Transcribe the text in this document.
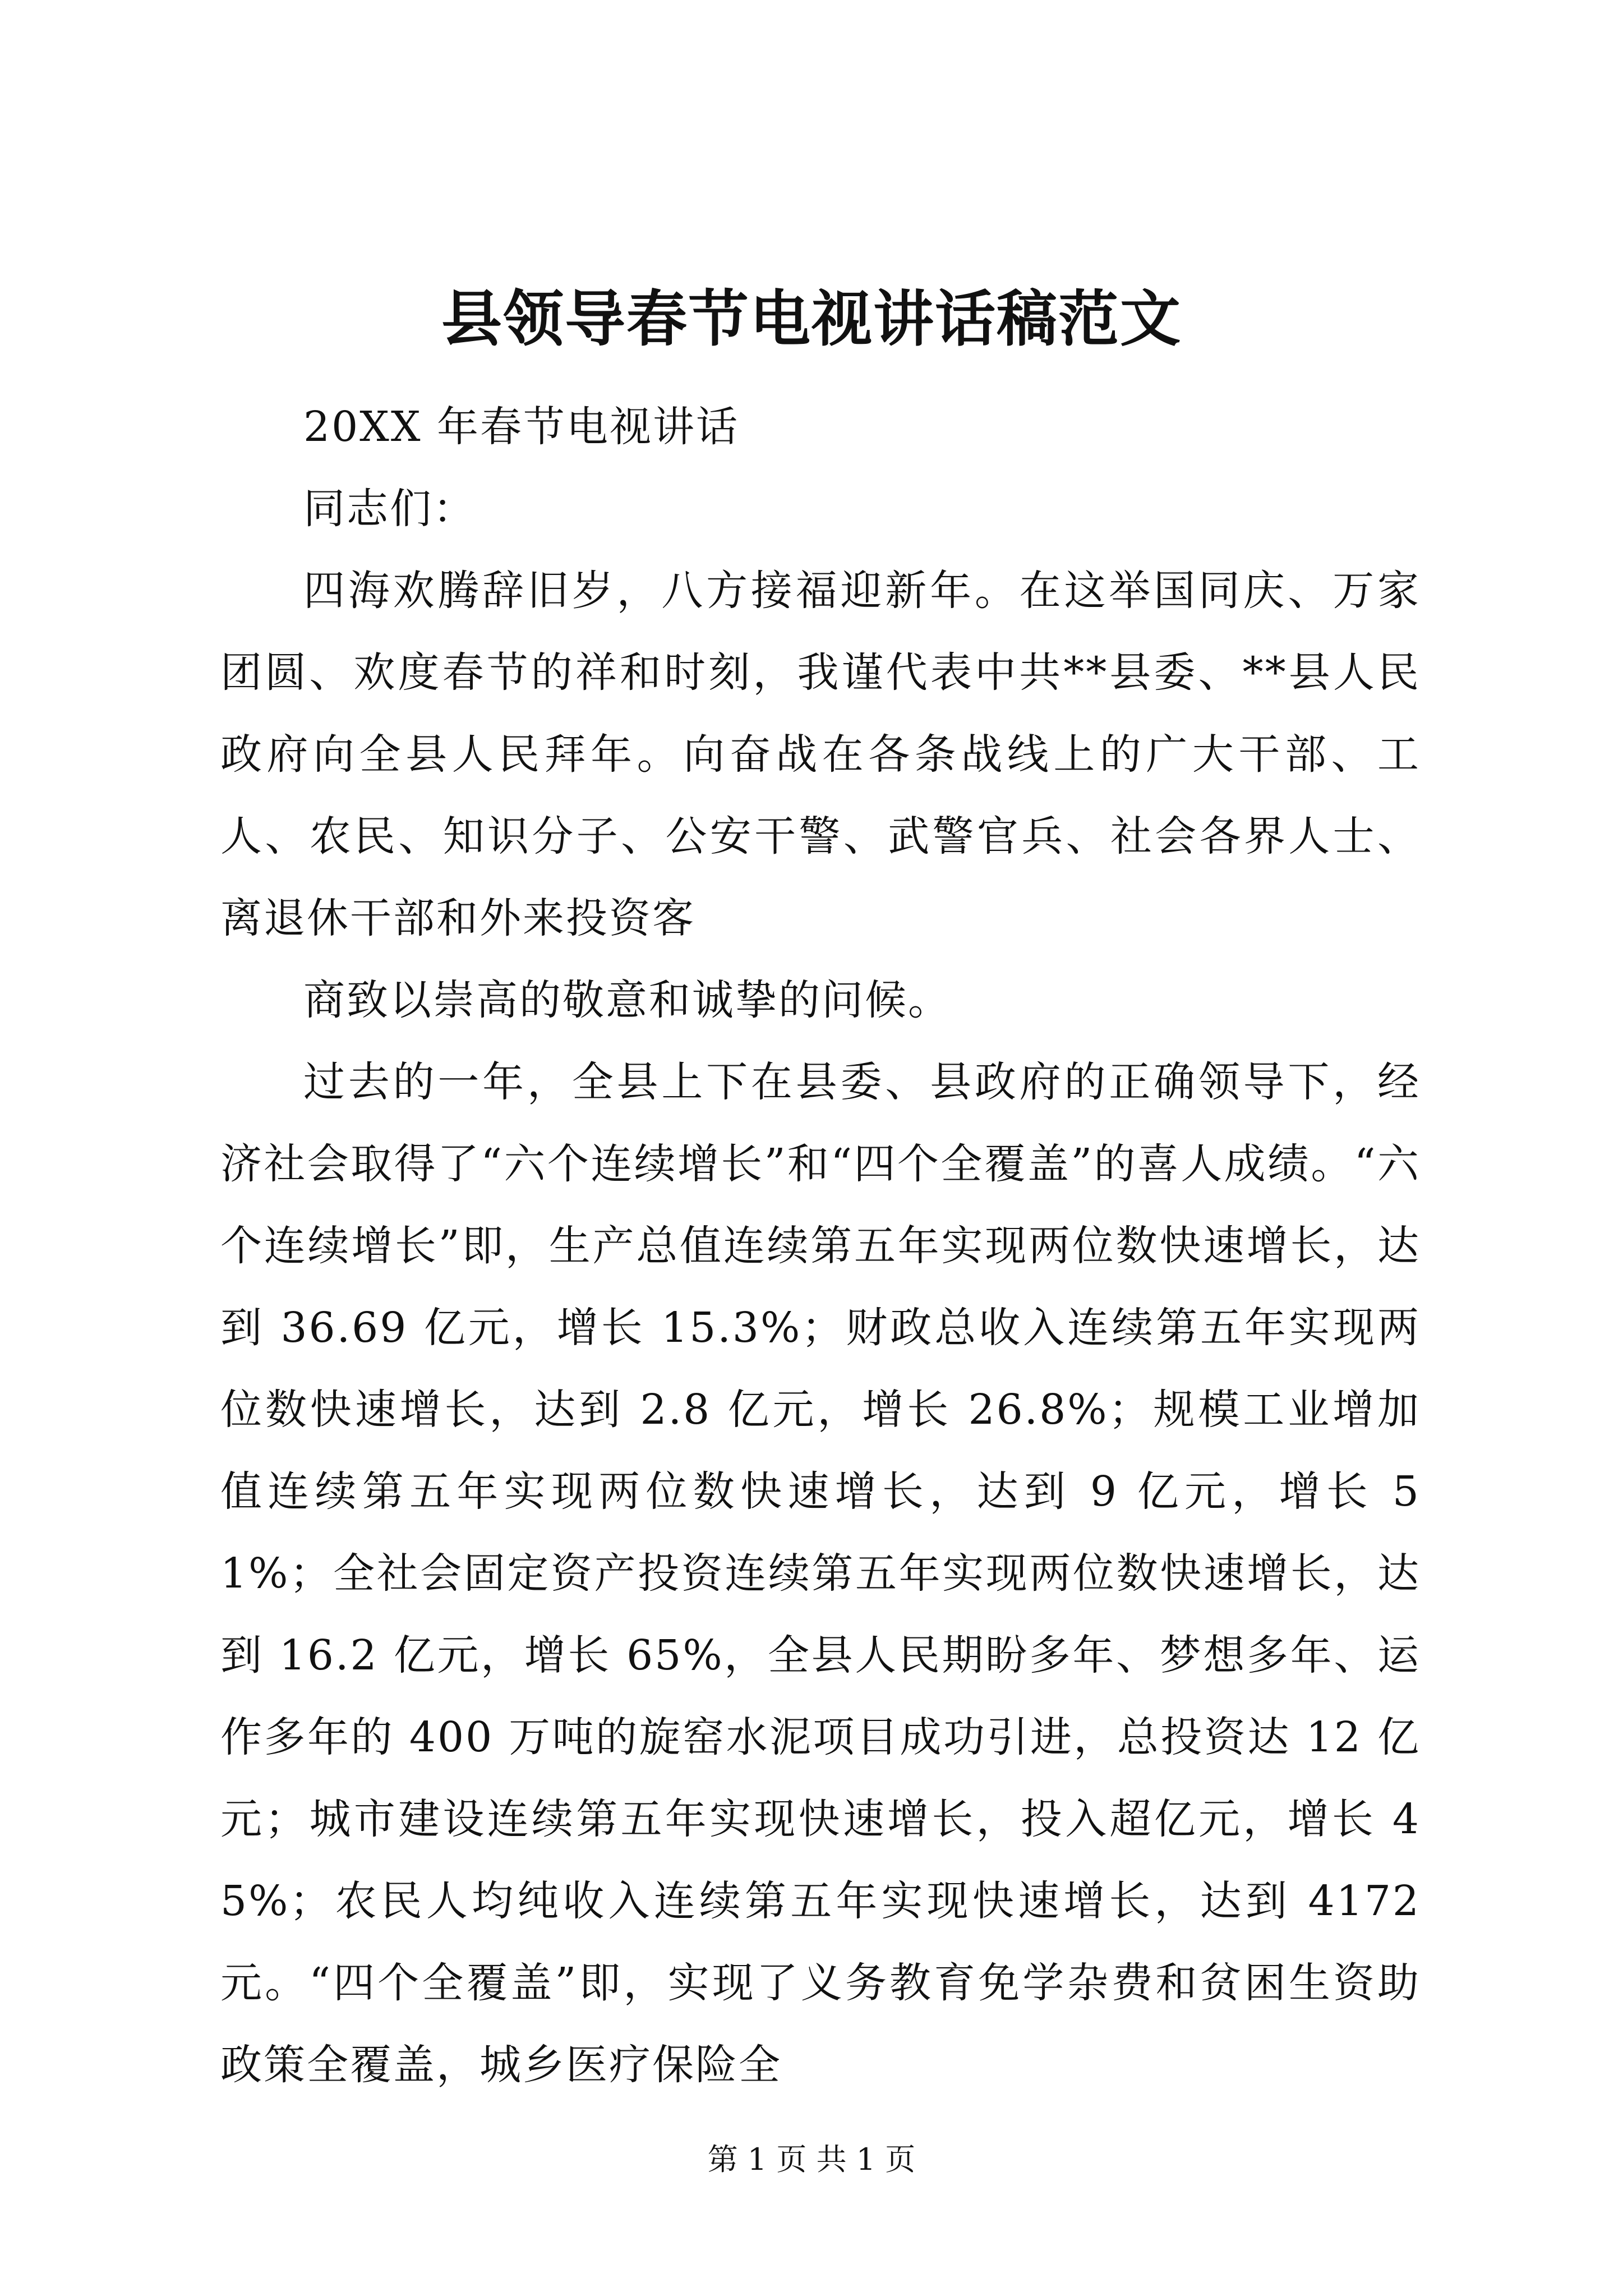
县领导春节电视讲话稿范文

20XX 年春节电视讲话

同志们：

四海欢腾辞旧岁，八方接福迎新年。在这举国同庆、万家团圆、欢度春节的祥和时刻，我谨代表中共**县委、**县人民政府向全县人民拜年。向奋战在各条战线上的广大干部、工人、农民、知识分子、公安干警、武警官兵、社会各界人士、离退休干部和外来投资客

商致以崇高的敬意和诚挚的问候。

过去的一年，全县上下在县委、县政府的正确领导下，经济社会取得了“六个连续增长”和“四个全覆盖”的喜人成绩。“六个连续增长”即，生产总值连续第五年实现两位数快速增长，达到 36.69 亿元，增长 15.3%；财政总收入连续第五年实现两位数快速增长，达到 2.8 亿元，增长 26.8%；规模工业增加值连续第五年实现两位数快速增长，达到 9 亿元，增长 51%；全社会固定资产投资连续第五年实现两位数快速增长，达到 16.2 亿元，增长 65%，全县人民期盼多年、梦想多年、运作多年的 400 万吨的旋窑水泥项目成功引进，总投资达 12 亿元；城市建设连续第五年实现快速增长，投入超亿元，增长 45%；农民人均纯收入连续第五年实现快速增长，达到 4172 元。“四个全覆盖”即，实现了义务教育免学杂费和贫困生资助政策全覆盖，城乡医疗保险全

第 1 页 共 1 页
